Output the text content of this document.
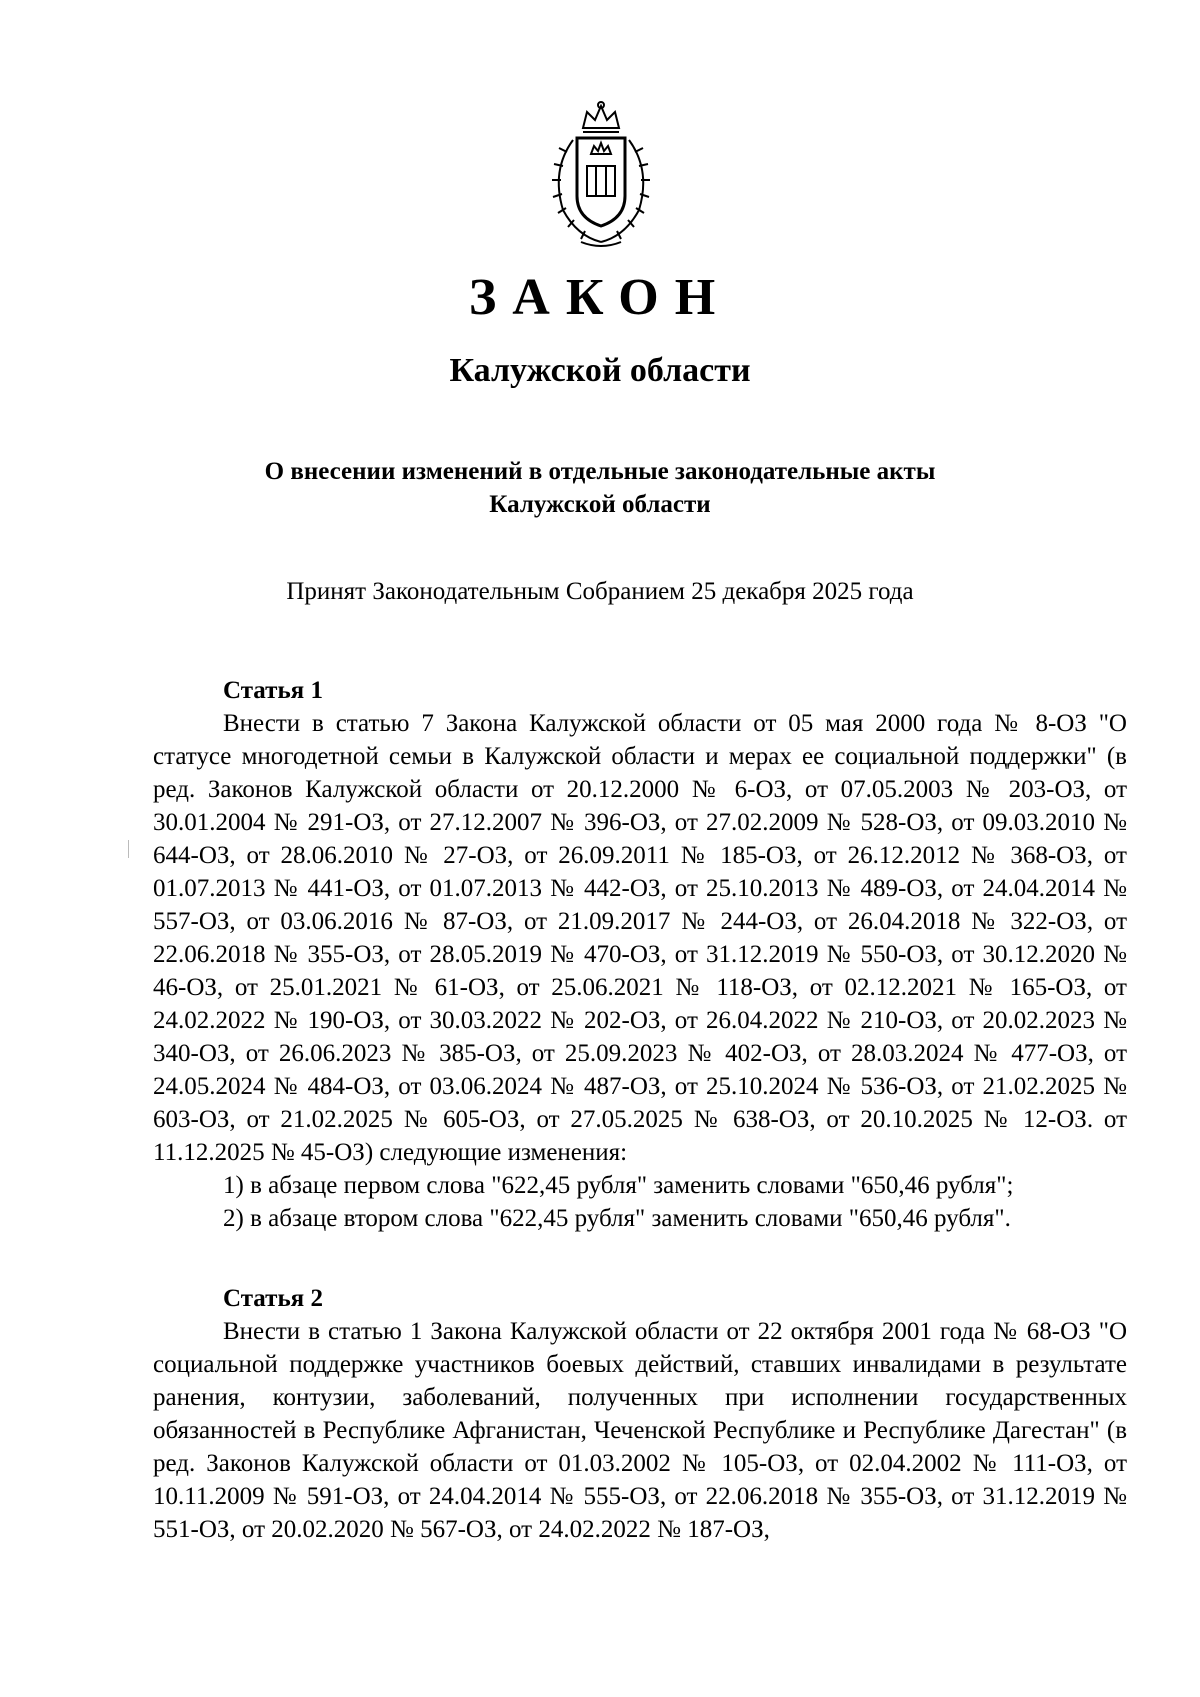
ЗАКОН
Калужской области
О внесении изменений в отдельные законодательные акты
Калужской области
Принят Законодательным Собранием 25 декабря 2025 года

Статья 1

Внести в статью 7 Закона Калужской области от 05 мая 2000 года № 8-ОЗ "О статусе многодетной семьи в Калужской области и мерах ее социальной поддержки" (в ред. Законов Калужской области от 20.12.2000 № 6-ОЗ, от 07.05.2003 № 203-ОЗ, от 30.01.2004 № 291-ОЗ, от 27.12.2007 № 396-ОЗ, от 27.02.2009 № 528-ОЗ, от 09.03.2010 № 644-ОЗ, от 28.06.2010 № 27-ОЗ, от 26.09.2011 № 185-ОЗ, от 26.12.2012 № 368-ОЗ, от 01.07.2013 № 441-ОЗ, от 01.07.2013 № 442-ОЗ, от 25.10.2013 № 489-ОЗ, от 24.04.2014 № 557-ОЗ, от 03.06.2016 № 87-ОЗ, от 21.09.2017 № 244-ОЗ, от 26.04.2018 № 322-ОЗ, от 22.06.2018 № 355-ОЗ, от 28.05.2019 № 470-ОЗ, от 31.12.2019 № 550-ОЗ, от 30.12.2020 № 46-ОЗ, от 25.01.2021 № 61-ОЗ, от 25.06.2021 № 118-ОЗ, от 02.12.2021 № 165-ОЗ, от 24.02.2022 № 190-ОЗ, от 30.03.2022 № 202-ОЗ, от 26.04.2022 № 210-ОЗ, от 20.02.2023 № 340-ОЗ, от 26.06.2023 № 385-ОЗ, от 25.09.2023 № 402-ОЗ, от 28.03.2024 № 477-ОЗ, от 24.05.2024 № 484-ОЗ, от 03.06.2024 № 487-ОЗ, от 25.10.2024 № 536-ОЗ, от 21.02.2025 № 603-ОЗ, от 21.02.2025 № 605-ОЗ, от 27.05.2025 № 638-ОЗ, от 20.10.2025 № 12-ОЗ. от 11.12.2025 № 45-ОЗ) следующие изменения:

1) в абзаце первом слова "622,45 рубля" заменить словами "650,46 рубля";

2) в абзаце втором слова "622,45 рубля" заменить словами "650,46 рубля".

Статья 2

Внести в статью 1 Закона Калужской области от 22 октября 2001 года № 68-ОЗ "О социальной поддержке участников боевых действий, ставших инвалидами в результате ранения, контузии, заболеваний, полученных при исполнении государственных обязанностей в Республике Афганистан, Чеченской Республике и Республике Дагестан" (в ред. Законов Калужской области от 01.03.2002 № 105-ОЗ, от 02.04.2002 № 111-ОЗ, от 10.11.2009 № 591-ОЗ, от 24.04.2014 № 555-ОЗ, от 22.06.2018 № 355-ОЗ, от 31.12.2019 № 551-ОЗ, от 20.02.2020 № 567-ОЗ, от 24.02.2022 № 187-ОЗ,
